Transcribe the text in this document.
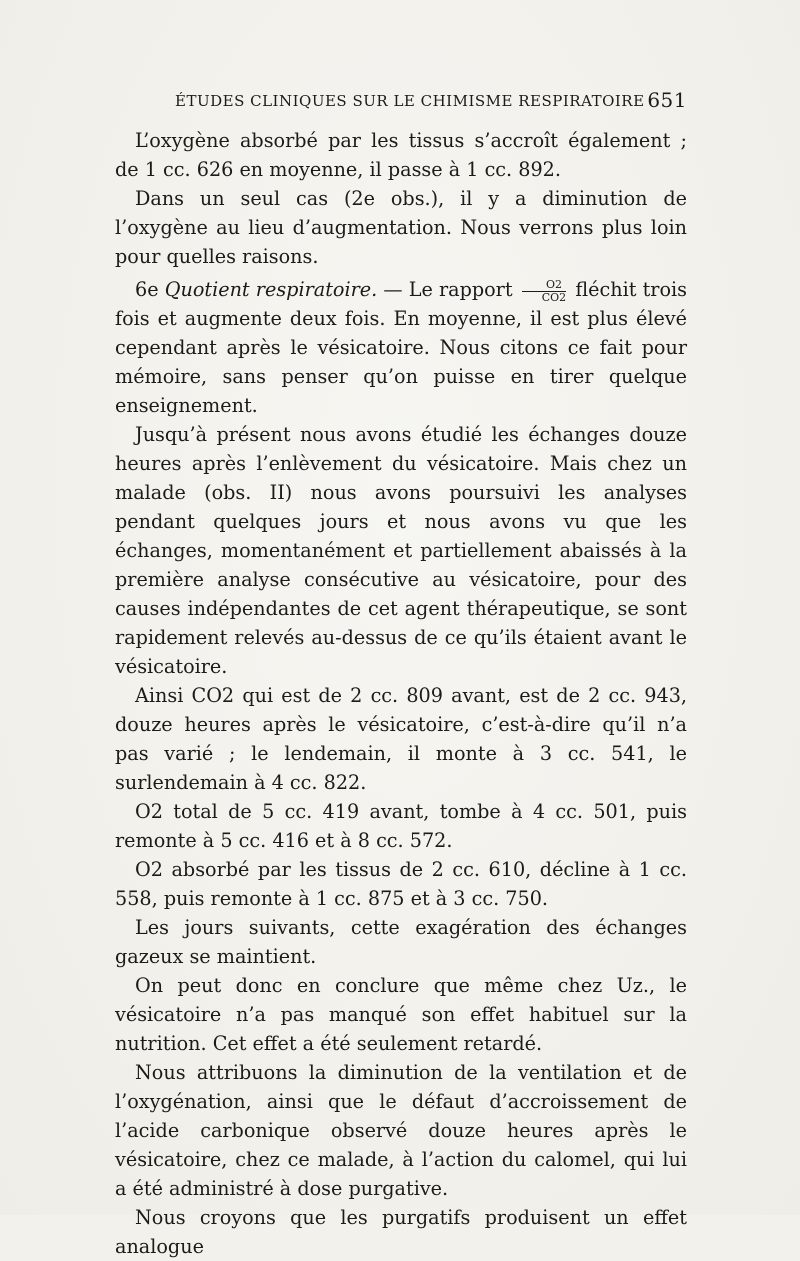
ÉTUDES CLINIQUES SUR LE CHIMISME RESPIRATOIRE 651

L’oxygène absorbé par les tissus s’accroît également ; de 1 cc. 626 en moyenne, il passe à 1 cc. 892.

Dans un seul cas (2e obs.), il y a diminution de l’oxygène au lieu d’augmentation. Nous verrons plus loin pour quelles raisons.

6e Quotient respiratoire. — Le rapport $\frac{O2}{CO2}$ fléchit trois fois et augmente deux fois. En moyenne, il est plus élevé cependant après le vésicatoire. Nous citons ce fait pour mémoire, sans penser qu’on puisse en tirer quelque enseignement.

Jusqu’à présent nous avons étudié les échanges douze heures après l’enlèvement du vésicatoire. Mais chez un malade (obs. II) nous avons poursuivi les analyses pendant quelques jours et nous avons vu que les échanges, momentanément et partiellement abaissés à la première analyse consécutive au vésicatoire, pour des causes indépendantes de cet agent thérapeutique, se sont rapidement relevés au-dessus de ce qu’ils étaient avant le vésicatoire.

Ainsi CO2 qui est de 2 cc. 809 avant, est de 2 cc. 943, douze heures après le vésicatoire, c’est-à-dire qu’il n’a pas varié ; le lendemain, il monte à 3 cc. 541, le surlendemain à 4 cc. 822.

O2 total de 5 cc. 419 avant, tombe à 4 cc. 501, puis remonte à 5 cc. 416 et à 8 cc. 572.

O2 absorbé par les tissus de 2 cc. 610, décline à 1 cc. 558, puis remonte à 1 cc. 875 et à 3 cc. 750.

Les jours suivants, cette exagération des échanges gazeux se maintient.

On peut donc en conclure que même chez Uz., le vésicatoire n’a pas manqué son effet habituel sur la nutrition. Cet effet a été seulement retardé.

Nous attribuons la diminution de la ventilation et de l’oxygénation, ainsi que le défaut d’accroissement de l’acide carbonique observé douze heures après le vésicatoire, chez ce malade, à l’action du calomel, qui lui a été administré à dose purgative.

Nous croyons que les purgatifs produisent un effet analogue
